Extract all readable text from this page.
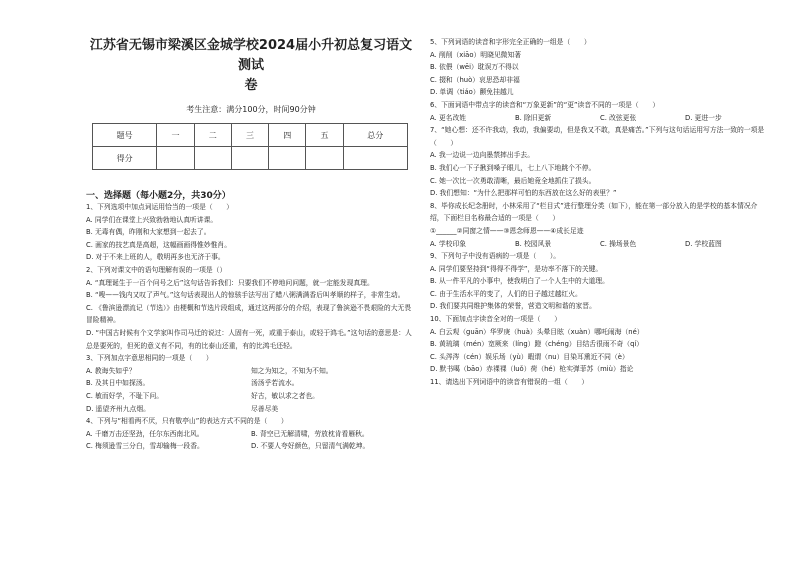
江苏省无锡市梁溪区金城学校2024届小升初总复习语文测试
卷

考生注意：满分100分，时间90分钟
题号	一	二	三	四	五	总分
得分						
一、选择题（每小题2分，共30分）

1、下列选项中加点词运用恰当的一项是（　　）

A. 同学们在课堂上兴致勃勃地认真听讲课。

B. 无毒有偶，昨刚和大家想到一起去了。

C. 画家的技艺真是高超，这幅画画得惟妙惟肖。

D. 对于不来上班的人，敬明再多也无济于事。

2、下列对课文中的语句理解有误的一项是（）

A. “真理诞生于一百个问号之后”这句话告诉我们：只要我们不停地问问题，就一定能发现真理。

B. “嗖——钱内又叹了声气。”这句话表现出人的惊骇手法写出了蜡八粥满满香后叫孝顺的样子，非常生动。

C. 《鲁滨逊漂流记（节选）》由梗概和节选片段组成，通过这两部分的介绍，表现了鲁滨逊不畏艰险的大无畏冒险精神。

D. “中国古时候有个文学家叫作司马迁的说过：人固有一死，或重于泰山，或轻于鸿毛。”这句话的意思是：人总是要死的，但死的意义有不同，有的比泰山还重，有的比鸿毛还轻。

3、下列加点字意思相同的一项是（　　）

A. 教诲失如乎？	知之为知之，不知为不知。
B. 及其日中如探汤。	汤汤乎若流水。
C. 敏而好学，不耻下问。	好古，敏以求之者也。
D. 遥望齐州九点烟。	尽善尽美

4、下列与“相看两不厌，只有敬亭山”的表达方式不同的是（　　）

A. 千磨万击还坚劲，任尔东西南北风。	B. 背空已无解清啸，劳放枕肯看雁秋。
C. 梅须逊雪三分白，雪却输梅一段香。	D. 不要人夸好颜色，只留清气满乾坤。

5、下列词语的读音和字形完全正确的一组是（　　）

A. 削削（xiāo）明晓见微知著

B. 依偎（wēi）耽误万不得以

C. 掇和（huò）哀思恐却非福

D. 单调（tiáo）颤免挂越儿

6、下面词语中带点字的读音和“万象更新”的“更”读音不同的一项是（　　）

A. 更名改姓	B. 除旧更新	C. 改弦更张	D. 更进一步

7、“她心想：还不许我动，我动，我偏要动，但是我又不敢，真是痛苦。”下列与这句话运用写方法一致的一项是（　　）

A. 我一边说一边向墨禁摔出手去。

B. 我们心一下子揪到嗓子眼儿，七上八下地跳个不停。

C. 她一次比一次勇敢清晰，最后她竟全地抓住了损头。

D. 我们想知：“为什么把那样可怕的东西放在这么好的表里？”

8、毕你成长纪念册时，小林采用了“栏目式”进行整理分类（如下），能在第一部分放入的是学校的基本情况介绍，下面栏目名称最合适的一项是（　　）

①______②同窗之情——③恩念师恩——④成长足迹

A. 学校印象	B. 校园风景	C. 操场景色	D. 学校蓝图

9、下列句子中没有语病的一项是（　　）。

A. 同学们要坚持到“得得不得学”，是功率不落下的关键。

B. 从一件平凡的小事中，使我明白了一个人生中的大道理。

C. 由于生活水平的变了，人们的日子越过越红火。

D. 我们要共同维护集体的荣誉，营造文明和谐的家晋。

10、下面加点字读音全对的一项是（　　）

A. 白云观（guān）华罗庚（huà）头晕目眩（xuàn）哪吒闹海（né）

B. 黄琉璃（mén）宽厥来（líng）蹬（chéng）目结舌很雨不奇（qí）

C. 头涔涔（cén）娱乐场（yù）暇谓（nu）目染耳熏近不同（è）

D. 默书噶（bāo）赤裸裸（luǒ）荷（hé）枪实弹菲苏（miù）指论

11、请选出下列词语中的读音有错误的一组（　　）
